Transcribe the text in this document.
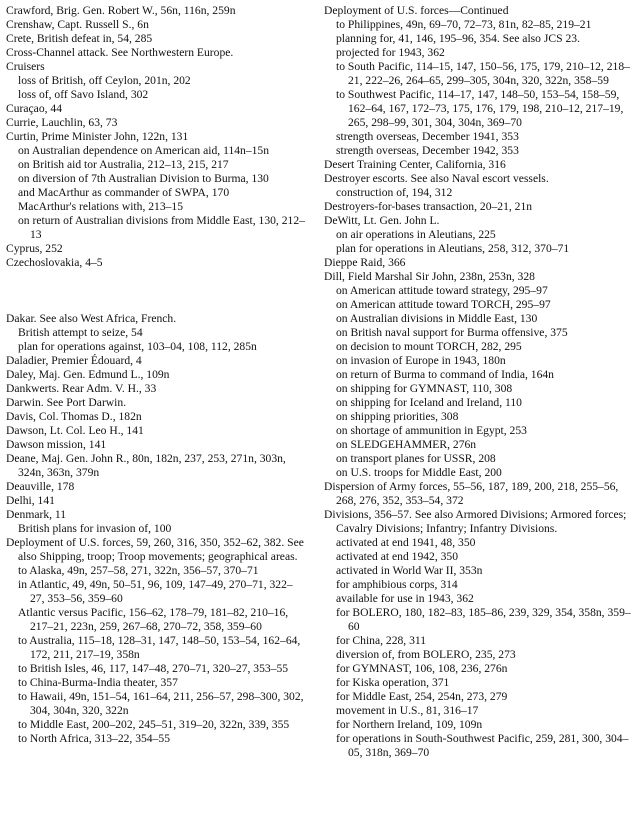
Crawford, Brig. Gen. Robert W., 56n, 116n, 259n
Crenshaw, Capt. Russell S., 6n
Crete, British defeat in, 54, 285
Cross-Channel attack. See Northwestern Europe.
Cruisers
loss of British, off Ceylon, 201n, 202
loss of, off Savo Island, 302
Curaçao, 44
Currie, Lauchlin, 63, 73
Curtin, Prime Minister John, 122n, 131
on Australian dependence on American aid, 114n–15n
on British aid tor Australia, 212–13, 215, 217
on diversion of 7th Australian Division to Burma, 130
and MacArthur as commander of SWPA, 170
MacArthur's relations with, 213–15
on return of Australian divisions from Middle East, 130, 212–13
Cyprus, 252
Czechoslovakia, 4–5
Dakar. See also West Africa, French.
British attempt to seize, 54
plan for operations against, 103–04, 108, 112, 285n
Daladier, Premier Édouard, 4
Daley, Maj. Gen. Edmund L., 109n
Dankwerts. Rear Adm. V. H., 33
Darwin. See Port Darwin.
Davis, Col. Thomas D., 182n
Dawson, Lt. Col. Leo H., 141
Dawson mission, 141
Deane, Maj. Gen. John R., 80n, 182n, 237, 253, 271n, 303n, 324n, 363n, 379n
Deauville, 178
Delhi, 141
Denmark, 11
British plans for invasion of, 100
Deployment of U.S. forces, 59, 260, 316, 350, 352–62, 382. See also Shipping, troop; Troop movements; geographical areas.
to Alaska, 49n, 257–58, 271, 322n, 356–57, 370–71
in Atlantic, 49, 49n, 50–51, 96, 109, 147–49, 270–71, 322–27, 353–56, 359–60
Atlantic versus Pacific, 156–62, 178–79, 181–82, 210–16, 217–21, 223n, 259, 267–68, 270–72, 358, 359–60
to Australia, 115–18, 128–31, 147, 148–50, 153–54, 162–64, 172, 211, 217–19, 358n
to British Isles, 46, 117, 147–48, 270–71, 320–27, 353–55
to China-Burma-India theater, 357
to Hawaii, 49n, 151–54, 161–64, 211, 256–57, 298–300, 302, 304, 304n, 320, 322n
to Middle East, 200–202, 245–51, 319–20, 322n, 339, 355
to North Africa, 313–22, 354–55
Deployment of U.S. forces—Continued
to Philippines, 49n, 69–70, 72–73, 81n, 82–85, 219–21
planning for, 41, 146, 195–96, 354. See also JCS 23.
projected for 1943, 362
to South Pacific, 114–15, 147, 150–56, 175, 179, 210–12, 218–21, 222–26, 264–65, 299–305, 304n, 320, 322n, 358–59
to Southwest Pacific, 114–17, 147, 148–50, 153–54, 158–59, 162–64, 167, 172–73, 175, 176, 179, 198, 210–12, 217–19, 265, 298–99, 301, 304, 304n, 369–70
strength overseas, December 1941, 353
strength overseas, December 1942, 353
Desert Training Center, California, 316
Destroyer escorts. See also Naval escort vessels.
construction of, 194, 312
Destroyers-for-bases transaction, 20–21, 21n
DeWitt, Lt. Gen. John L.
on air operations in Aleutians, 225
plan for operations in Aleutians, 258, 312, 370–71
Dieppe Raid, 366
Dill, Field Marshal Sir John, 238n, 253n, 328
on American attitude toward strategy, 295–97
on American attitude toward TORCH, 295–97
on Australian divisions in Middle East, 130
on British naval support for Burma offensive, 375
on decision to mount TORCH, 282, 295
on invasion of Europe in 1943, 180n
on return of Burma to command of India, 164n
on shipping for GYMNAST, 110, 308
on shipping for Iceland and Ireland, 110
on shipping priorities, 308
on shortage of ammunition in Egypt, 253
on SLEDGEHAMMER, 276n
on transport planes for USSR, 208
on U.S. troops for Middle East, 200
Dispersion of Army forces, 55–56, 187, 189, 200, 218, 255–56, 268, 276, 352, 353–54, 372
Divisions, 356–57. See also Armored Divisions; Armored forces; Cavalry Divisions; Infantry; Infantry Divisions.
activated at end 1941, 48, 350
activated at end 1942, 350
activated in World War II, 353n
for amphibious corps, 314
available for use in 1943, 362
for BOLERO, 180, 182–83, 185–86, 239, 329, 354, 358n, 359–60
for China, 228, 311
diversion of, from BOLERO, 235, 273
for GYMNAST, 106, 108, 236, 276n
for Kiska operation, 371
for Middle East, 254, 254n, 273, 279
movement in U.S., 81, 316–17
for Northern Ireland, 109, 109n
for operations in South-Southwest Pacific, 259, 281, 300, 304–05, 318n, 369–70
